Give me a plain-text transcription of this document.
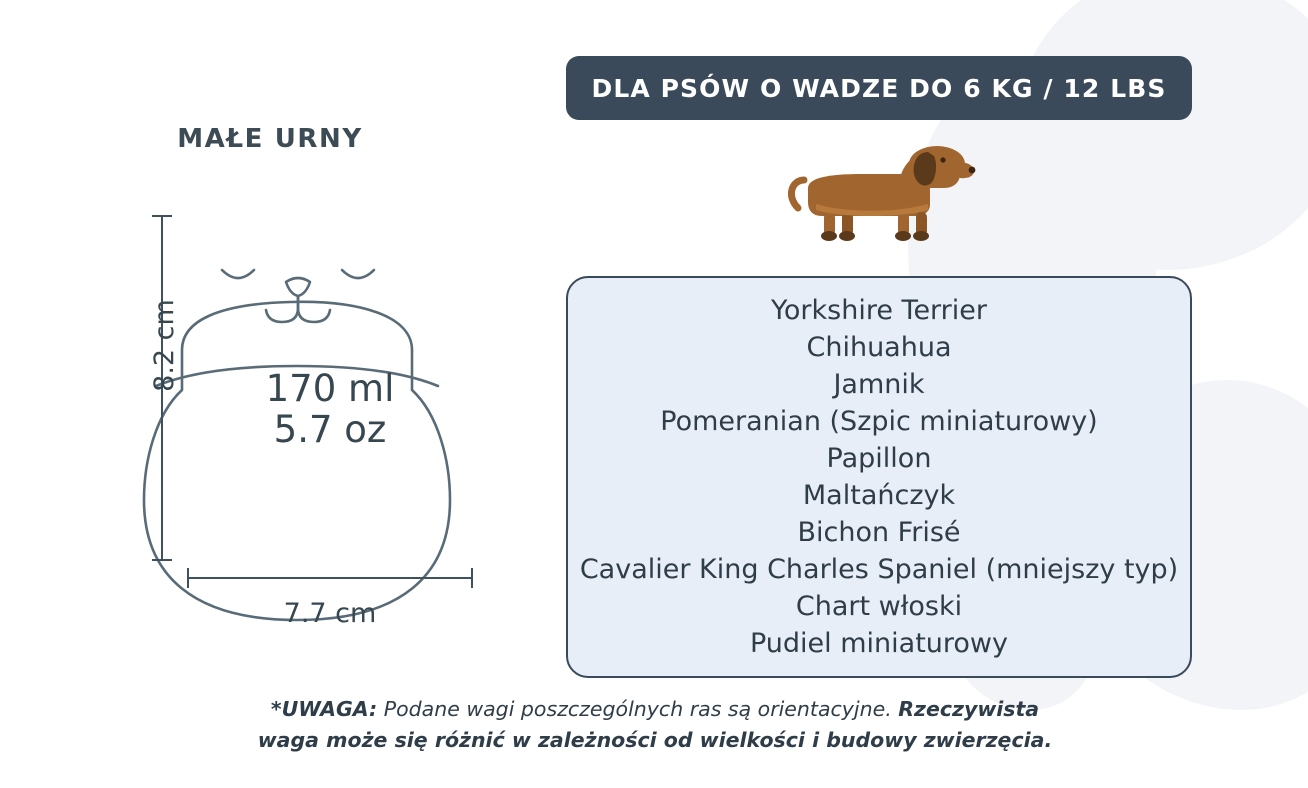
MAŁE URNY
170 ml
5.7 oz
8.2 cm
7.7 cm
DLA PSÓW O WADZE DO 6 KG / 12 LBS
Yorkshire Terrier
Chihuahua
Jamnik
Pomeranian (Szpic miniaturowy)
Papillon
Maltańczyk
Bichon Frisé
Cavalier King Charles Spaniel (mniejszy typ)
Chart włoski
Pudiel miniaturowy
*UWAGA: Podane wagi poszczególnych ras są orientacyjne. Rzeczywista
waga może się różnić w zależności od wielkości i budowy zwierzęcia.
